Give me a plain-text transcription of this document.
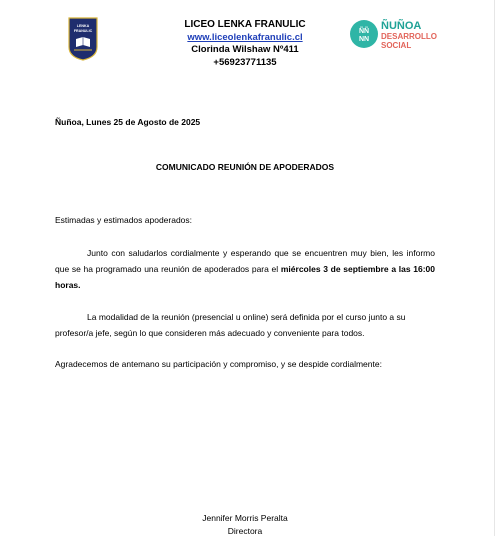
LENKA
FRANULIC
LICEO LENKA FRANULIC
www.liceolenkafranulic.cl
Clorinda Wilshaw Nº411
+56923771135
ÑÑ
NN
ÑUÑOA
DESARROLLO
SOCIAL
Ñuñoa, Lunes 25 de Agosto de 2025
COMUNICADO REUNIÓN DE APODERADOS
Estimadas y estimados apoderados:
Junto con saludarlos cordialmente y esperando que se encuentren muy bien, les informo que se ha programado una reunión de apoderados para el miércoles 3 de septiembre a las 16:00 horas.
La modalidad de la reunión (presencial u online) será definida por el curso junto a su profesor/a jefe, según lo que consideren más adecuado y conveniente para todos.
Agradecemos de antemano su participación y compromiso, y se despide cordialmente:
Jennifer Morris Peralta
Directora
